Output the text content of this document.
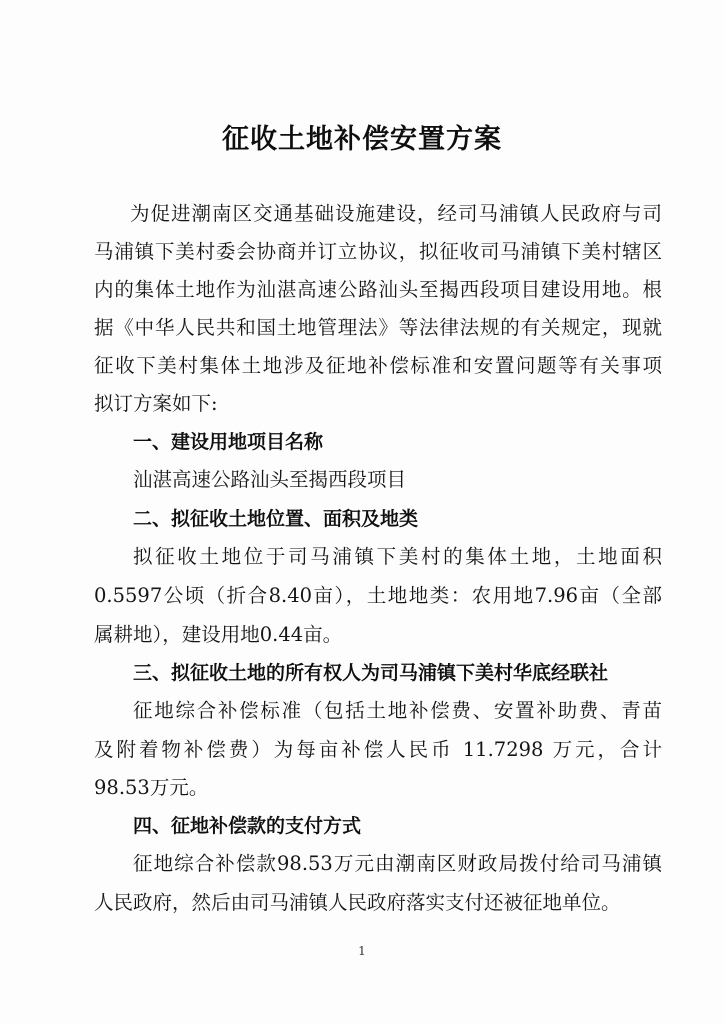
征收土地补偿安置方案
为促进潮南区交通基础设施建设，经司马浦镇人民政府与司
马浦镇下美村委会协商并订立协议，拟征收司马浦镇下美村辖区
内的集体土地作为汕湛高速公路汕头至揭西段项目建设用地。根
据《中华人民共和国土地管理法》等法律法规的有关规定，现就
征收下美村集体土地涉及征地补偿标准和安置问题等有关事项
拟订方案如下:
一、建设用地项目名称
汕湛高速公路汕头至揭西段项目
二、拟征收土地位置、面积及地类
拟征收土地位于司马浦镇下美村的集体土地，土地面积
0.5597公顷（折合8.40亩），土地地类：农用地7.96亩（全部
属耕地），建设用地0.44亩。
三、拟征收土地的所有权人为司马浦镇下美村华底经联社
征地综合补偿标准（包括土地补偿费、安置补助费、青苗
及附着物补偿费）为每亩补偿人民币 11.7298 万元，合计
98.53万元。
四、征地补偿款的支付方式
征地综合补偿款98.53万元由潮南区财政局拨付给司马浦镇
人民政府，然后由司马浦镇人民政府落实支付还被征地单位。
1
